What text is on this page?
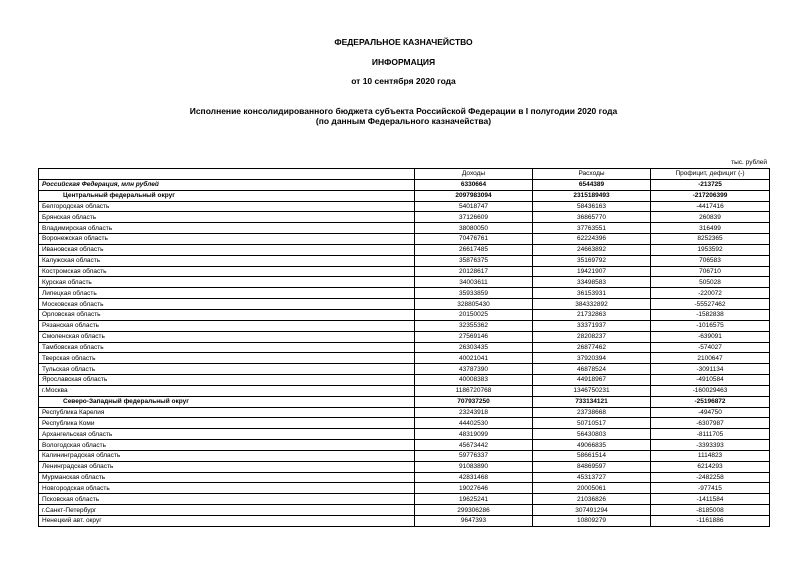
ФЕДЕРАЛЬНОЕ КАЗНАЧЕЙСТВО
ИНФОРМАЦИЯ
от 10 сентября 2020 года
Исполнение консолидированного бюджета субъекта Российской Федерации в I полугодии 2020 года
(по данным Федерального казначейства)
тыс. рублей
	Доходы	Расходы	Профицит, дефицит (-)
Российская Федерация, млн рублей	6330664	6544389	-213725
Центральный федеральный округ	2097983094	2315189493	-217206399
Белгородская область	54018747	58436163	-4417416
Брянская область	37126609	36865770	260839
Владимирская область	38080050	37763551	316499
Воронежская область	70476761	62224396	8252365
Ивановская область	26617485	24663892	1953592
Калужская область	35876375	35169792	706583
Костромская область	20128617	19421907	706710
Курская область	34003611	33498583	505028
Липецкая область	35933859	36153931	-220072
Московская область	328805430	384332892	-55527462
Орловская область	20150025	21732863	-1582838
Рязанская область	32355362	33371937	-1016575
Смоленская область	27569146	28208237	-639091
Тамбовская область	26303435	26877462	-574027
Тверская область	40021041	37920394	2100647
Тульская область	43787390	46878524	-3091134
Ярославская область	40008383	44918967	-4910584
г.Москва	1186720768	1346750231	-160029463
Северо-Западный федеральный округ	707937250	733134121	-25196872
Республика Карелия	23243918	23738668	-494750
Республика Коми	44402530	50710517	-6307987
Архангельская область	48319099	56430803	-8111705
Вологодская область	45673442	49066835	-3393393
Калининградская область	59776337	58661514	1114823
Ленинградская область	91083890	84869597	6214293
Мурманская область	42831468	45313727	-2482258
Новгородская область	19027646	20005061	-977415
Псковская область	19625241	21036826	-1411584
г.Санкт-Петербург	299306286	307491294	-8185008
Ненецкий авт. округ	9647393	10809279	-1161886
